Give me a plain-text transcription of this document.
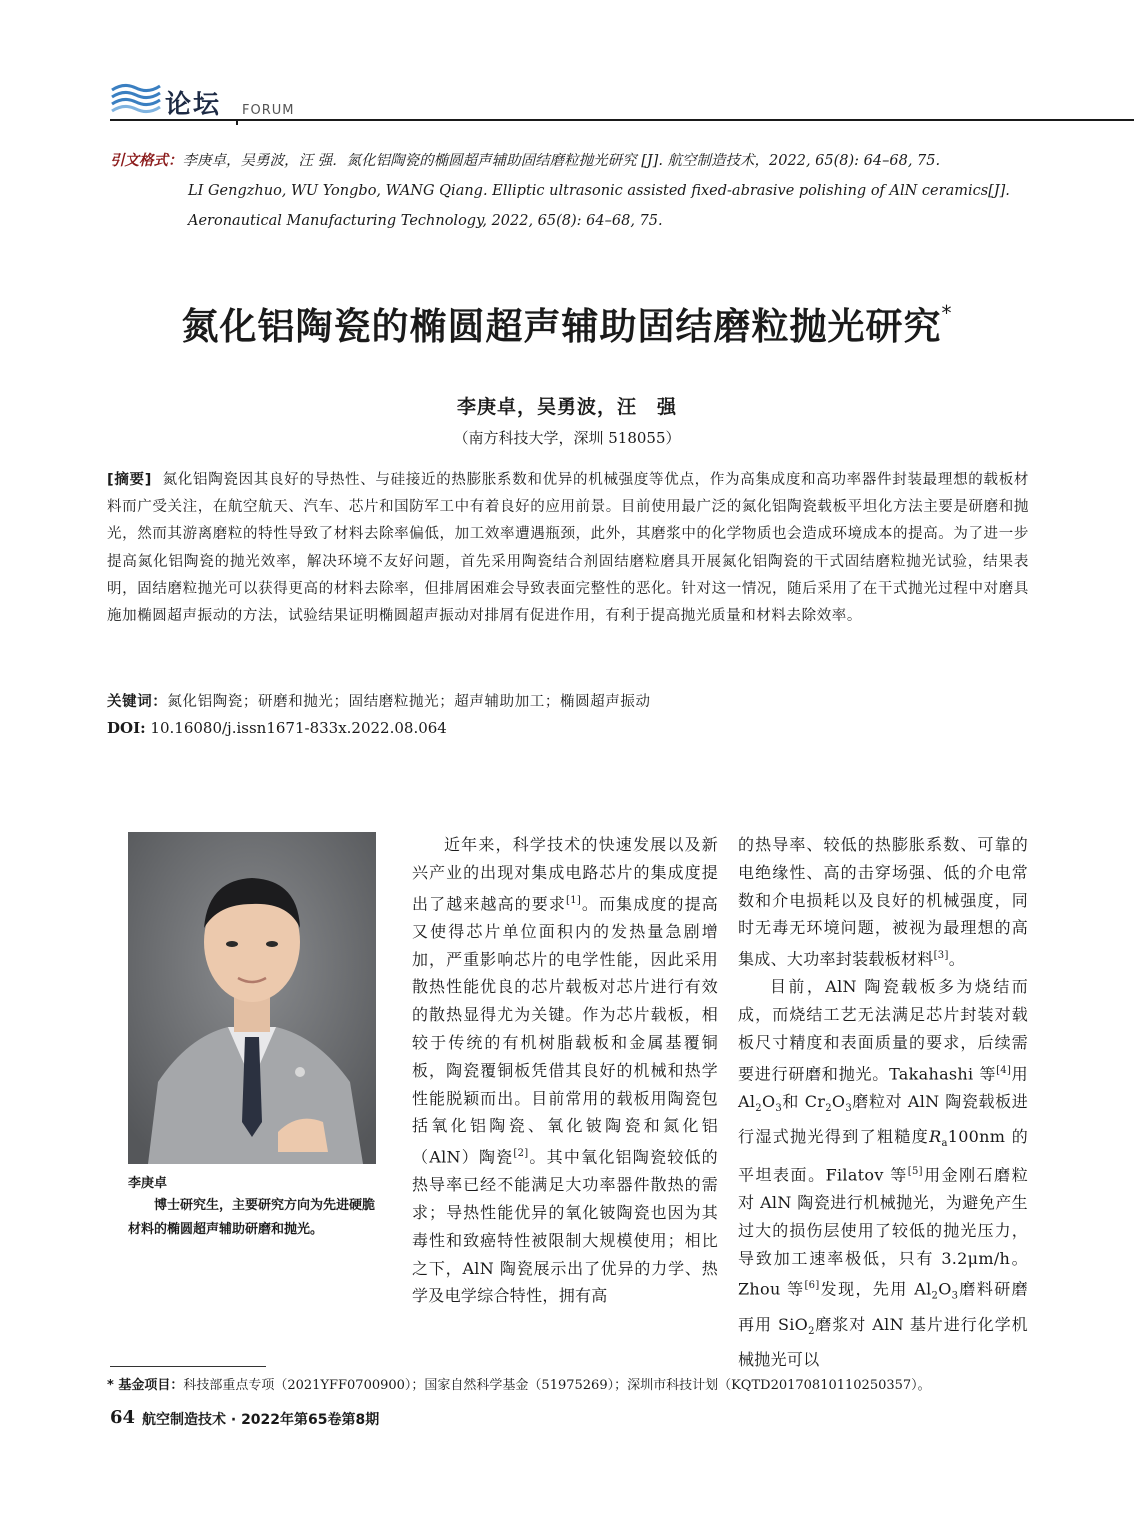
论坛 FORUM
引文格式：李庚卓，吴勇波，汪 强．氮化铝陶瓷的椭圆超声辅助固结磨粒抛光研究 [J]. 航空制造技术，2022, 65(8): 64–68, 75.
LI Gengzhuo, WU Yongbo, WANG Qiang. Elliptic ultrasonic assisted fixed-abrasive polishing of AlN ceramics[J].
Aeronautical Manufacturing Technology, 2022, 65(8): 64–68, 75.
氮化铝陶瓷的椭圆超声辅助固结磨粒抛光研究*
李庚卓，吴勇波，汪　强
（南方科技大学，深圳 518055）
[摘要] 氮化铝陶瓷因其良好的导热性、与硅接近的热膨胀系数和优异的机械强度等优点，作为高集成度和高功率器件封装最理想的载板材料而广受关注，在航空航天、汽车、芯片和国防军工中有着良好的应用前景。目前使用最广泛的氮化铝陶瓷载板平坦化方法主要是研磨和抛光，然而其游离磨粒的特性导致了材料去除率偏低，加工效率遭遇瓶颈，此外，其磨浆中的化学物质也会造成环境成本的提高。为了进一步提高氮化铝陶瓷的抛光效率，解决环境不友好问题，首先采用陶瓷结合剂固结磨粒磨具开展氮化铝陶瓷的干式固结磨粒抛光试验，结果表明，固结磨粒抛光可以获得更高的材料去除率，但排屑困难会导致表面完整性的恶化。针对这一情况，随后采用了在干式抛光过程中对磨具施加椭圆超声振动的方法，试验结果证明椭圆超声振动对排屑有促进作用，有利于提高抛光质量和材料去除效率。
关键词：氮化铝陶瓷；研磨和抛光；固结磨粒抛光；超声辅助加工；椭圆超声振动
DOI: 10.16080/j.issn1671-833x.2022.08.064
李庚卓
博士研究生，主要研究方向为先进硬脆材料的椭圆超声辅助研磨和抛光。

近年来，科学技术的快速发展以及新兴产业的出现对集成电路芯片的集成度提出了越来越高的要求[1]。而集成度的提高又使得芯片单位面积内的发热量急剧增加，严重影响芯片的电学性能，因此采用散热性能优良的芯片载板对芯片进行有效的散热显得尤为关键。作为芯片载板，相较于传统的有机树脂载板和金属基覆铜板，陶瓷覆铜板凭借其良好的机械和热学性能脱颖而出。目前常用的载板用陶瓷包括氧化铝陶瓷、氧化铍陶瓷和氮化铝（AlN）陶瓷[2]。其中氧化铝陶瓷较低的热导率已经不能满足大功率器件散热的需求；导热性能优异的氧化铍陶瓷也因为其毒性和致癌特性被限制大规模使用；相比之下，AlN 陶瓷展示出了优异的力学、热学及电学综合特性，拥有高

的热导率、较低的热膨胀系数、可靠的电绝缘性、高的击穿场强、低的介电常数和介电损耗以及良好的机械强度，同时无毒无环境问题，被视为最理想的高集成、大功率封装载板材料[3]。

目前，AlN 陶瓷载板多为烧结而成，而烧结工艺无法满足芯片封装对载板尺寸精度和表面质量的要求，后续需要进行研磨和抛光。Takahashi 等[4]用 $Al_2O_3$和 $Cr_2O_3$磨粒对 AlN 陶瓷载板进行湿式抛光得到了粗糙度$R_a100nm$ 的平坦表面。Filatov 等[5]用金刚石磨粒对 AlN 陶瓷进行机械抛光，为避免产生过大的损伤层使用了较低的抛光压力，导致加工速率极低，只有 3.2μm/h。Zhou 等[6]发现，先用 $Al_2O_3$磨料研磨再用 SiO$_2$磨浆对 AlN 基片进行化学机械抛光可以

* 基金项目：科技部重点专项（2021YFF0700900）；国家自然科学基金（51975269）；深圳市科技计划（KQTD20170810110250357）。
64 航空制造技术 · 2022年第65卷第8期
